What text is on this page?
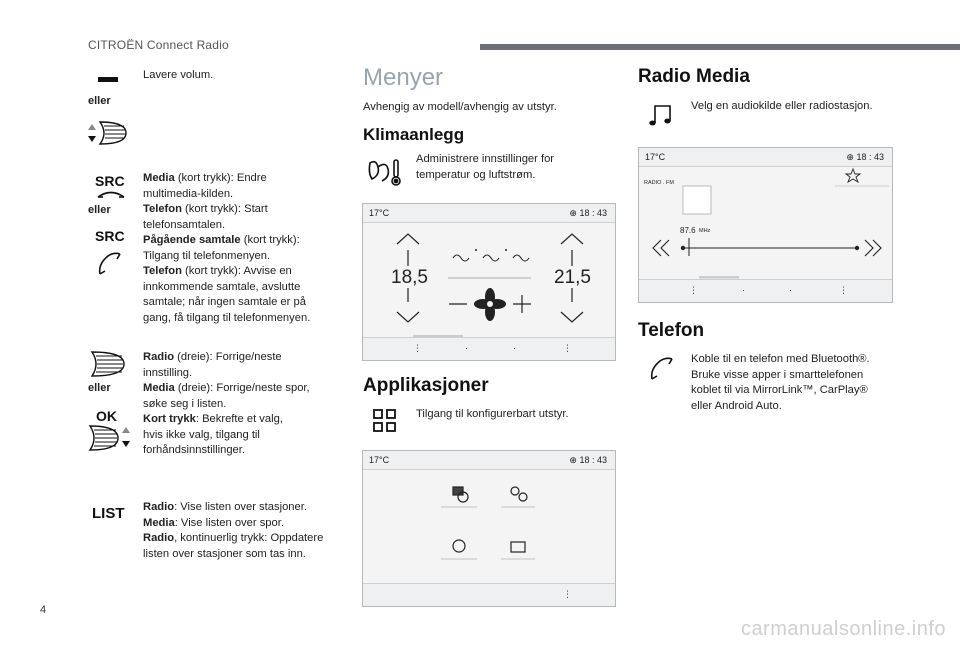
CITROËN Connect Radio
4
carmanualsonline.info
eller
Lavere volum.
SRC
eller
SRC
Media (kort trykk): Endre
multimedia-kilden.
Telefon (kort trykk): Start
telefonsamtalen.
Pågående samtale (kort trykk):
Tilgang til telefonmenyen.
Telefon (kort trykk): Avvise en
innkommende samtale, avslutte
samtale; når ingen samtale er på
gang, få tilgang til telefonmenyen.
eller
OK
Radio (dreie): Forrige/neste
innstilling.
Media (dreie): Forrige/neste spor,
søke seg i listen.
Kort trykk: Bekrefte et valg,
hvis ikke valg, tilgang til
forhåndsinnstillinger.
LIST Radio: Vise listen over stasjoner.
Media: Vise listen over spor.
Radio, kontinuerlig trykk: Oppdatere
listen over stasjoner som tas inn.
Menyer
Avhengig av modell/avhengig av utstyr.
Klimaanlegg
Administrere innstillinger for
temperatur og luftstrøm.
17°C	⊕ 18 : 43
18,5	21,5
⋮	·	·	⋮
Applikasjoner
Tilgang til konfigurerbart utstyr.
17°C	⊕ 18 : 43
⋮
Radio Media
Velg en audiokilde eller radiostasjon.
17°C	⊕ 18 : 43
RADIO . FM
87.6 MHz
⋮	·	·	⋮
Telefon
Koble til en telefon med Bluetooth®.
Bruke visse apper i smarttelefonen
koblet til via MirrorLink™, CarPlay®
eller Android Auto.
